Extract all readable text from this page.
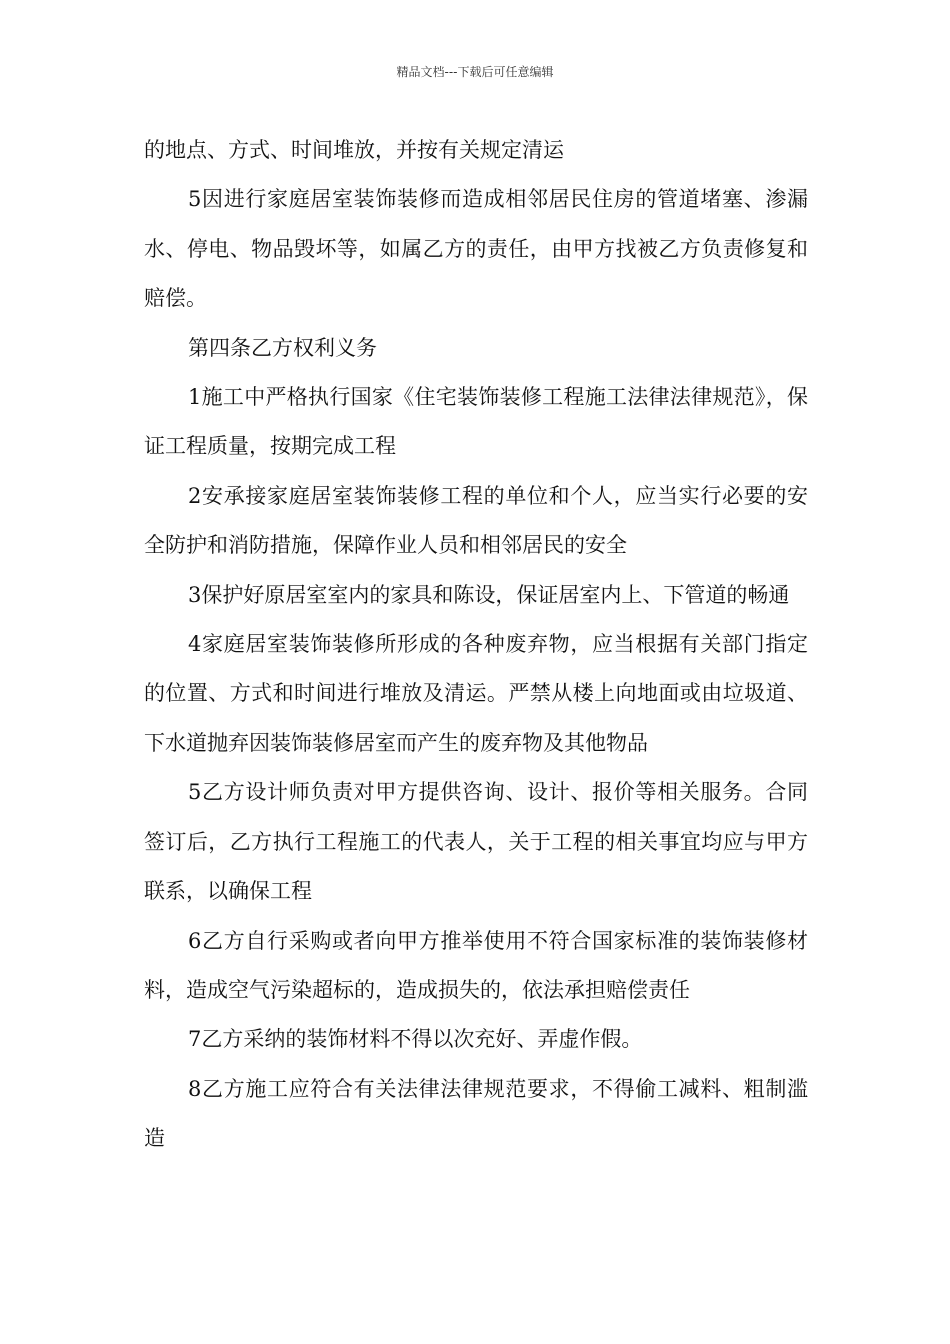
精品文档---下载后可任意编辑

的地点、方式、时间堆放，并按有关规定清运

5因进行家庭居室装饰装修而造成相邻居民住房的管道堵塞、渗漏水、停电、物品毁坏等，如属乙方的责任，由甲方找被乙方负责修复和赔偿。

第四条乙方权利义务

1施工中严格执行国家《住宅装饰装修工程施工法律法律规范》，保证工程质量，按期完成工程

2安承接家庭居室装饰装修工程的单位和个人，应当实行必要的安全防护和消防措施，保障作业人员和相邻居民的安全

3保护好原居室室内的家具和陈设，保证居室内上、下管道的畅通

4家庭居室装饰装修所形成的各种废弃物，应当根据有关部门指定的位置、方式和时间进行堆放及清运。严禁从楼上向地面或由垃圾道、下水道抛弃因装饰装修居室而产生的废弃物及其他物品

5乙方设计师负责对甲方提供咨询、设计、报价等相关服务。合同签订后，乙方执行工程施工的代表人，关于工程的相关事宜均应与甲方联系，以确保工程

6乙方自行采购或者向甲方推举使用不符合国家标准的装饰装修材料，造成空气污染超标的，造成损失的，依法承担赔偿责任

7乙方采纳的装饰材料不得以次充好、弄虚作假。

8乙方施工应符合有关法律法律规范要求，不得偷工减料、粗制滥造
